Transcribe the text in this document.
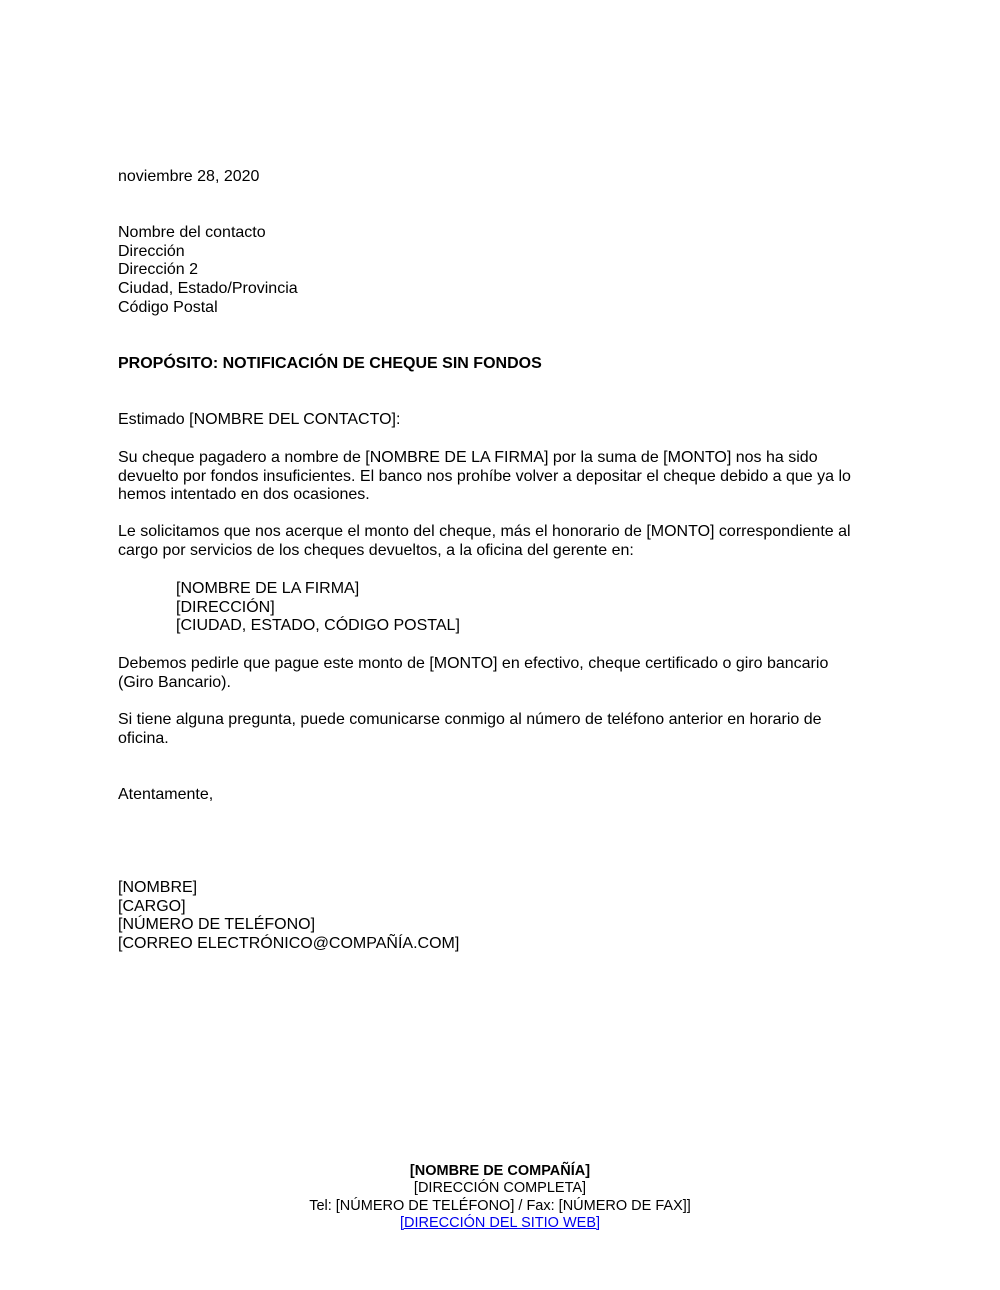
noviembre 28, 2020
Nombre del contacto
Dirección
Dirección 2
Ciudad, Estado/Provincia
Código Postal
PROPÓSITO: NOTIFICACIÓN DE CHEQUE SIN FONDOS
Estimado [NOMBRE DEL CONTACTO]:
Su cheque pagadero a nombre de [NOMBRE DE LA FIRMA] por la suma de [MONTO] nos ha sido
devuelto por fondos insuficientes. El banco nos prohíbe volver a depositar el cheque debido a que ya lo
hemos intentado en dos ocasiones.
Le solicitamos que nos acerque el monto del cheque, más el honorario de [MONTO] correspondiente al
cargo por servicios de los cheques devueltos, a la oficina del gerente en:
[NOMBRE DE LA FIRMA]
[DIRECCIÓN]
[CIUDAD, ESTADO, CÓDIGO POSTAL]
Debemos pedirle que pague este monto de [MONTO] en efectivo, cheque certificado o giro bancario
(Giro Bancario).
Si tiene alguna pregunta, puede comunicarse conmigo al número de teléfono anterior en horario de
oficina.
Atentamente,
[NOMBRE]
[CARGO]
[NÚMERO DE TELÉFONO]
[CORREO ELECTRÓNICO@COMPAÑÍA.COM]
[NOMBRE DE COMPAÑÍA]
[DIRECCIÓN COMPLETA]
Tel: [NÚMERO DE TELÉFONO] / Fax: [NÚMERO DE FAX]]
[DIRECCIÓN DEL SITIO WEB]
